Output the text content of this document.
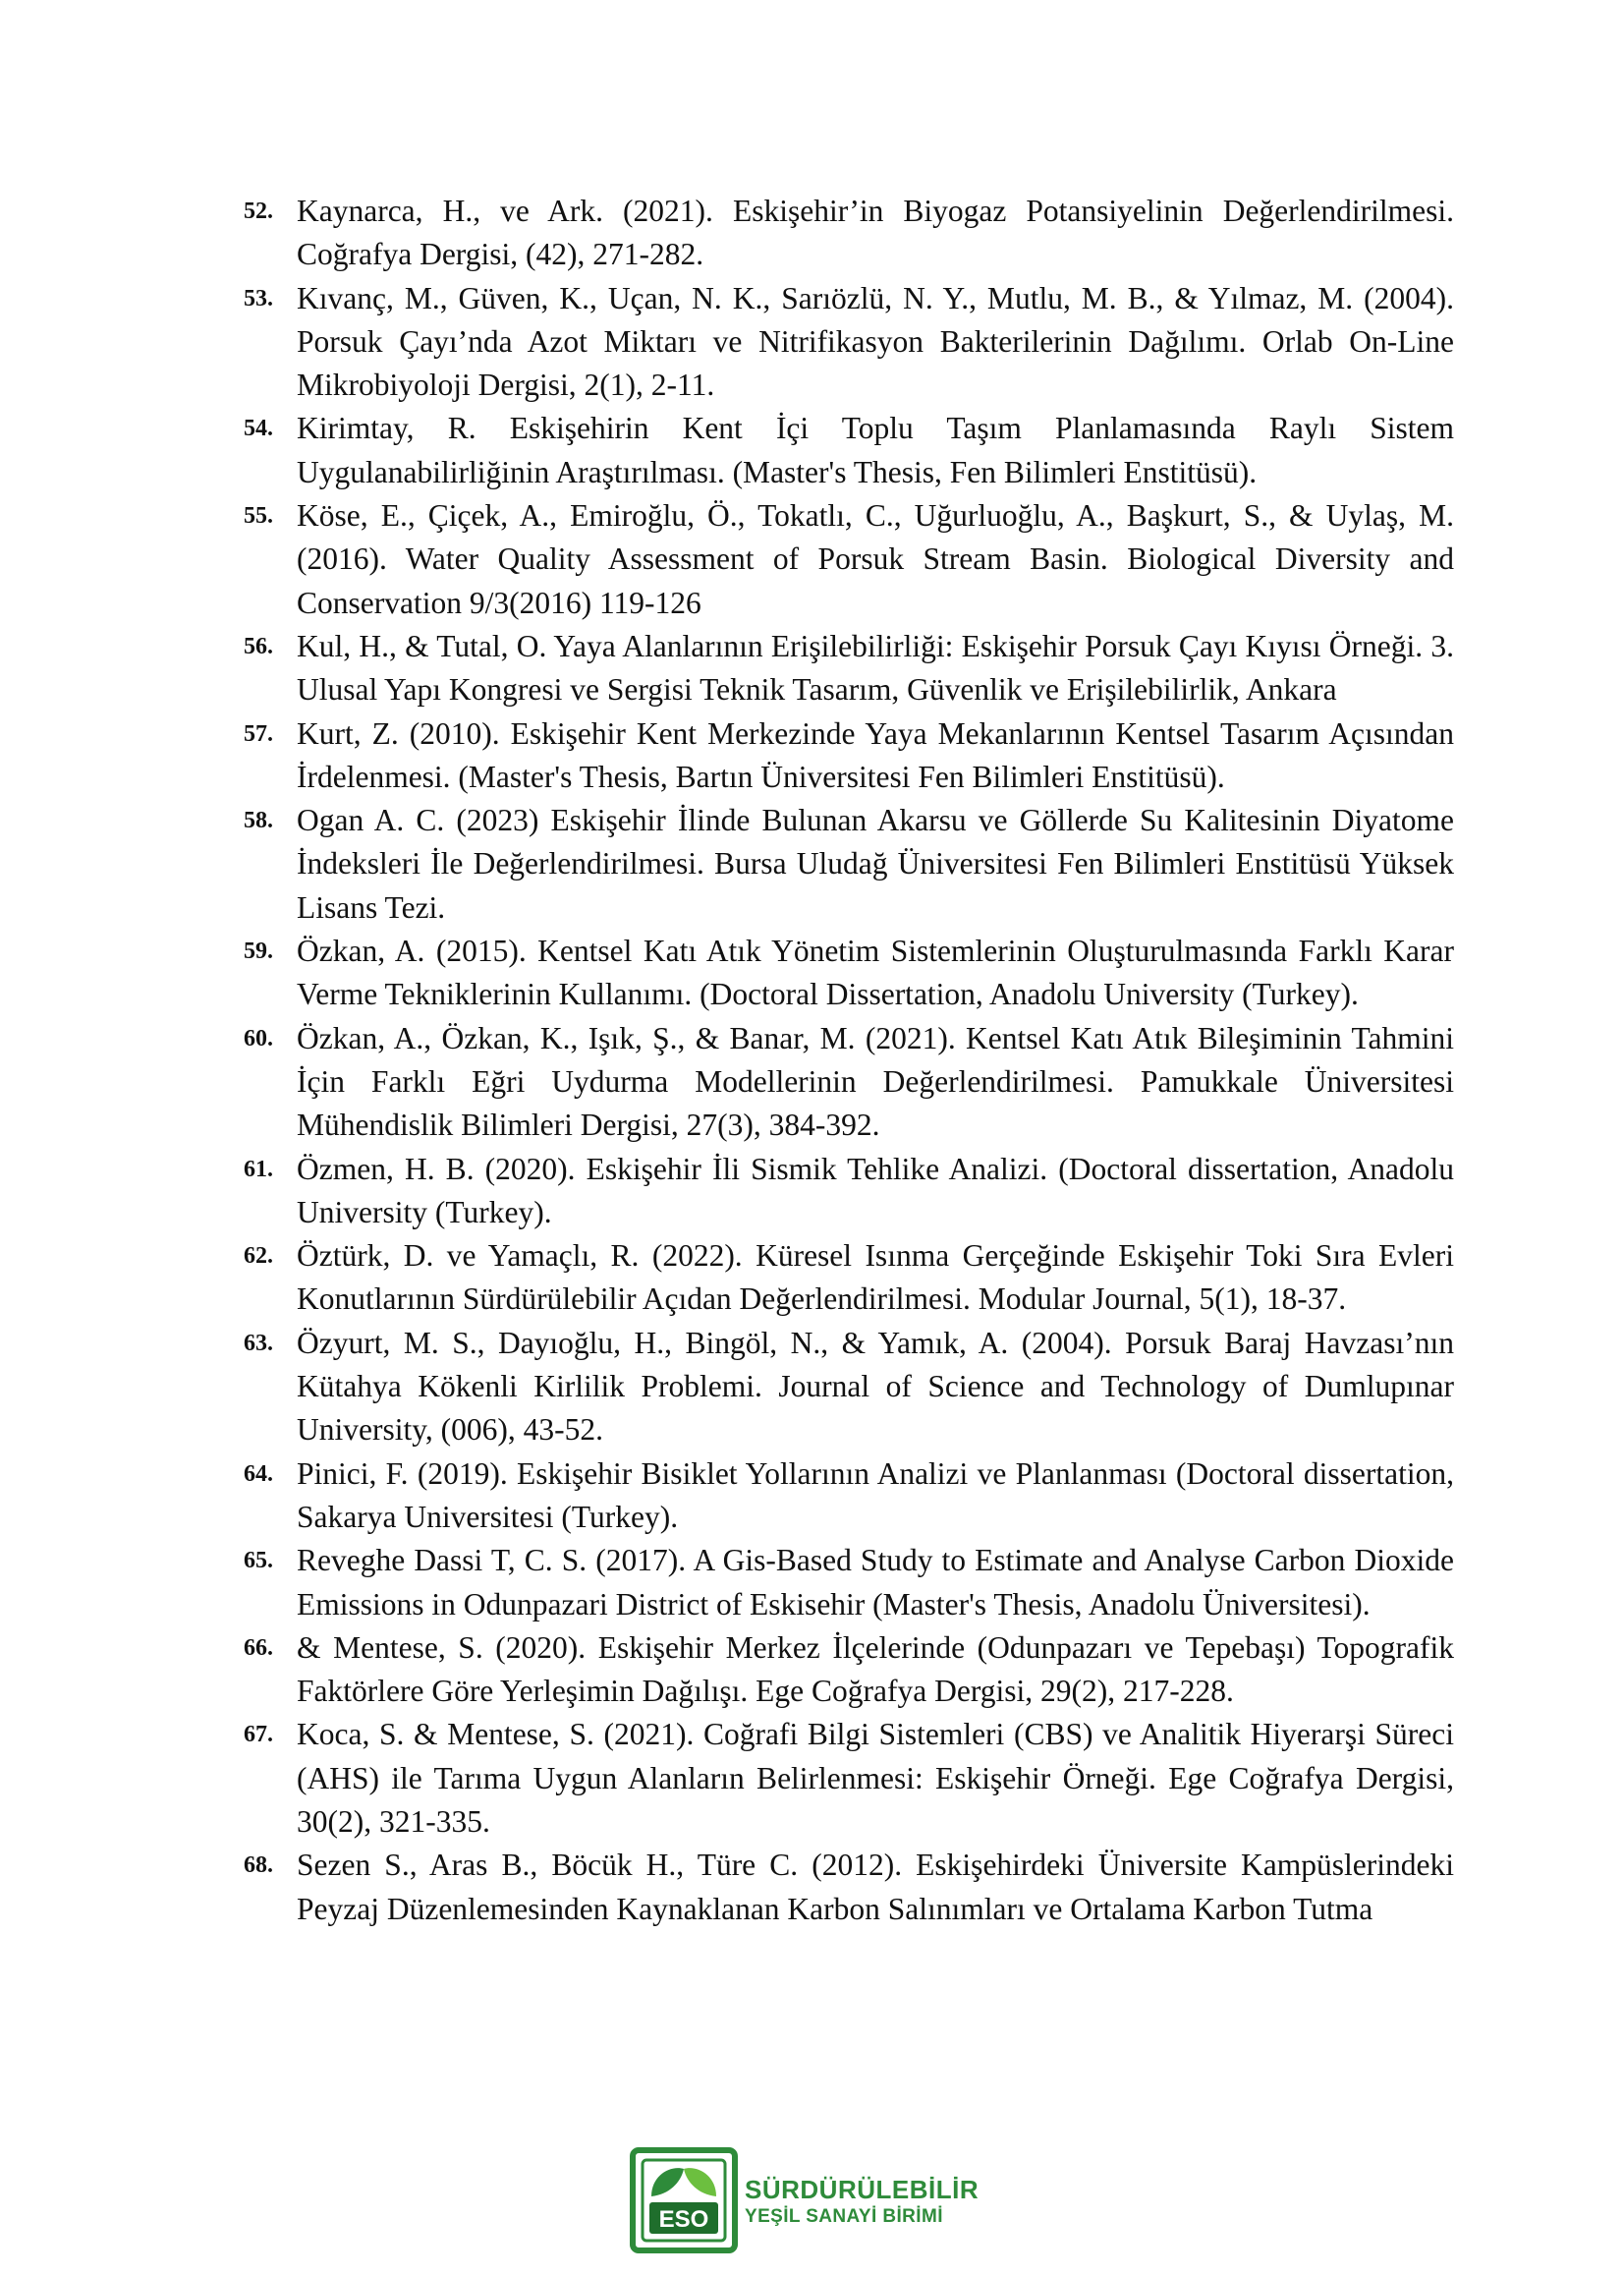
52. Kaynarca, H., ve Ark. (2021). Eskişehir’in Biyogaz Potansiyelinin Değerlendirilmesi. Coğrafya Dergisi, (42), 271-282.
53. Kıvanç, M., Güven, K., Uçan, N. K., Sarıözlü, N. Y., Mutlu, M. B., & Yılmaz, M. (2004). Porsuk Çayı’nda Azot Miktarı ve Nitrifikasyon Bakterilerinin Dağılımı. Orlab On-Line Mikrobiyoloji Dergisi, 2(1), 2-11.
54. Kirimtay, R. Eskişehirin Kent İçi Toplu Taşım Planlamasında Raylı Sistem Uygulanabilirliğinin Araştırılması. (Master's Thesis, Fen Bilimleri Enstitüsü).
55. Köse, E., Çiçek, A., Emiroğlu, Ö., Tokatlı, C., Uğurluoğlu, A., Başkurt, S., & Uylaş, M. (2016). Water Quality Assessment of Porsuk Stream Basin. Biological Diversity and Conservation 9/3(2016) 119-126
56. Kul, H., & Tutal, O. Yaya Alanlarının Erişilebilirliği: Eskişehir Porsuk Çayı Kıyısı Örneği. 3. Ulusal Yapı Kongresi ve Sergisi Teknik Tasarım, Güvenlik ve Erişilebilirlik, Ankara
57. Kurt, Z. (2010). Eskişehir Kent Merkezinde Yaya Mekanlarının Kentsel Tasarım Açısından İrdelenmesi. (Master's Thesis, Bartın Üniversitesi Fen Bilimleri Enstitüsü).
58. Ogan A. C. (2023) Eskişehir İlinde Bulunan Akarsu ve Göllerde Su Kalitesinin Diyatome İndeksleri İle Değerlendirilmesi. Bursa Uludağ Üniversitesi Fen Bilimleri Enstitüsü Yüksek Lisans Tezi.
59. Özkan, A. (2015). Kentsel Katı Atık Yönetim Sistemlerinin Oluşturulmasında Farklı Karar Verme Tekniklerinin Kullanımı. (Doctoral Dissertation, Anadolu University (Turkey).
60. Özkan, A., Özkan, K., Işık, Ş., & Banar, M. (2021). Kentsel Katı Atık Bileşiminin Tahmini İçin Farklı Eğri Uydurma Modellerinin Değerlendirilmesi. Pamukkale Üniversitesi Mühendislik Bilimleri Dergisi, 27(3), 384-392.
61. Özmen, H. B. (2020). Eskişehir İli Sismik Tehlike Analizi. (Doctoral dissertation, Anadolu University (Turkey).
62. Öztürk, D. ve Yamaçlı, R. (2022). Küresel Isınma Gerçeğinde Eskişehir Toki Sıra Evleri Konutlarının Sürdürülebilir Açıdan Değerlendirilmesi. Modular Journal, 5(1), 18-37.
63. Özyurt, M. S., Dayıoğlu, H., Bingöl, N., & Yamık, A. (2004). Porsuk Baraj Havzası’nın Kütahya Kökenli Kirlilik Problemi. Journal of Science and Technology of Dumlupınar University, (006), 43-52.
64. Pinici, F. (2019). Eskişehir Bisiklet Yollarının Analizi ve Planlanması (Doctoral dissertation, Sakarya Universitesi (Turkey).
65. Reveghe Dassi T, C. S. (2017). A Gis-Based Study to Estimate and Analyse Carbon Dioxide Emissions in Odunpazari District of Eskisehir (Master's Thesis, Anadolu Üniversitesi).
66. & Mentese, S. (2020). Eskişehir Merkez İlçelerinde (Odunpazarı ve Tepebaşı) Topografik Faktörlere Göre Yerleşimin Dağılışı. Ege Coğrafya Dergisi, 29(2), 217-228.
67. Koca, S. & Mentese, S. (2021). Coğrafi Bilgi Sistemleri (CBS) ve Analitik Hiyerarşi Süreci (AHS) ile Tarıma Uygun Alanların Belirlenmesi: Eskişehir Örneği. Ege Coğrafya Dergisi, 30(2), 321-335.
68. Sezen S., Aras B., Böcük H., Türe C. (2012). Eskişehirdeki Üniversite Kampüslerindeki Peyzaj Düzenlemesinden Kaynaklanan Karbon Salınımları ve Ortalama Karbon Tutma
ESO
SÜRDÜRÜLEBİLİR
YEŞİL SANAYİ BİRİMİ
